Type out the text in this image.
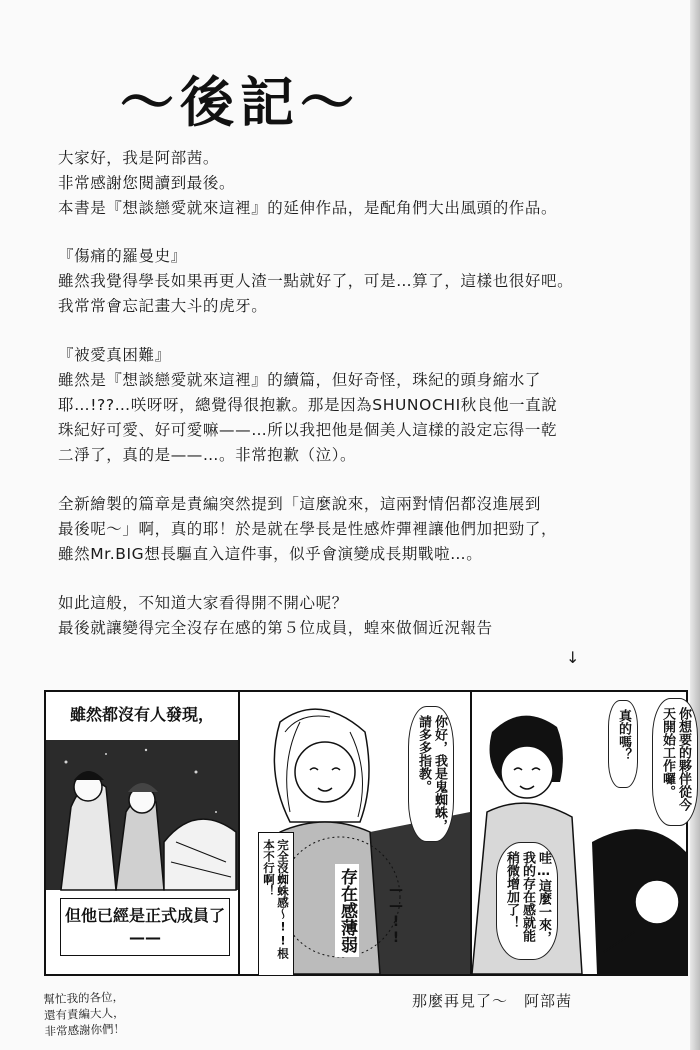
～後記～
大家好，我是阿部茜。
非常感謝您閱讀到最後。
本書是『想談戀愛就來這裡』的延伸作品，是配角們大出風頭的作品。
『傷痛的羅曼史』
雖然我覺得學長如果再更人渣一點就好了，可是…算了，這樣也很好吧。
我常常會忘記畫大斗的虎牙。
『被愛真困難』
雖然是『想談戀愛就來這裡』的續篇，但好奇怪，珠紀的頭身縮水了
耶…!??…咲呀呀，總覺得很抱歉。那是因為SHUNOCHI秋良他一直說
珠紀好可愛、好可愛嘛——…所以我把他是個美人這樣的設定忘得一乾
二淨了，真的是——…。非常抱歉（泣）。
全新繪製的篇章是責編突然提到「這麼說來，這兩對情侶都沒進展到
最後呢～」啊，真的耶！於是就在學長是性感炸彈裡讓他們加把勁了，
雖然Mr.BIG想長驅直入這件事，似乎會演變成長期戰啦…。
如此這般，不知道大家看得開不開心呢？
最後就讓變得完全沒存在感的第５位成員，蝗來做個近況報告
↓
雖然都沒有人發現，
但他已經是正式成員了——
你好，我是鬼蜘蛛，請多多指教。
存在感薄弱 ——!!
完全沒蜘蛛感～!!根本不行啊！
你想要的夥伴從今天開始工作囉。
真的嗎？
哇…這麼一來，我的存在感就能稍微增加了！
幫忙我的各位，
還有責編大人，
非常感謝你們！
那麼再見了～　阿部茜
